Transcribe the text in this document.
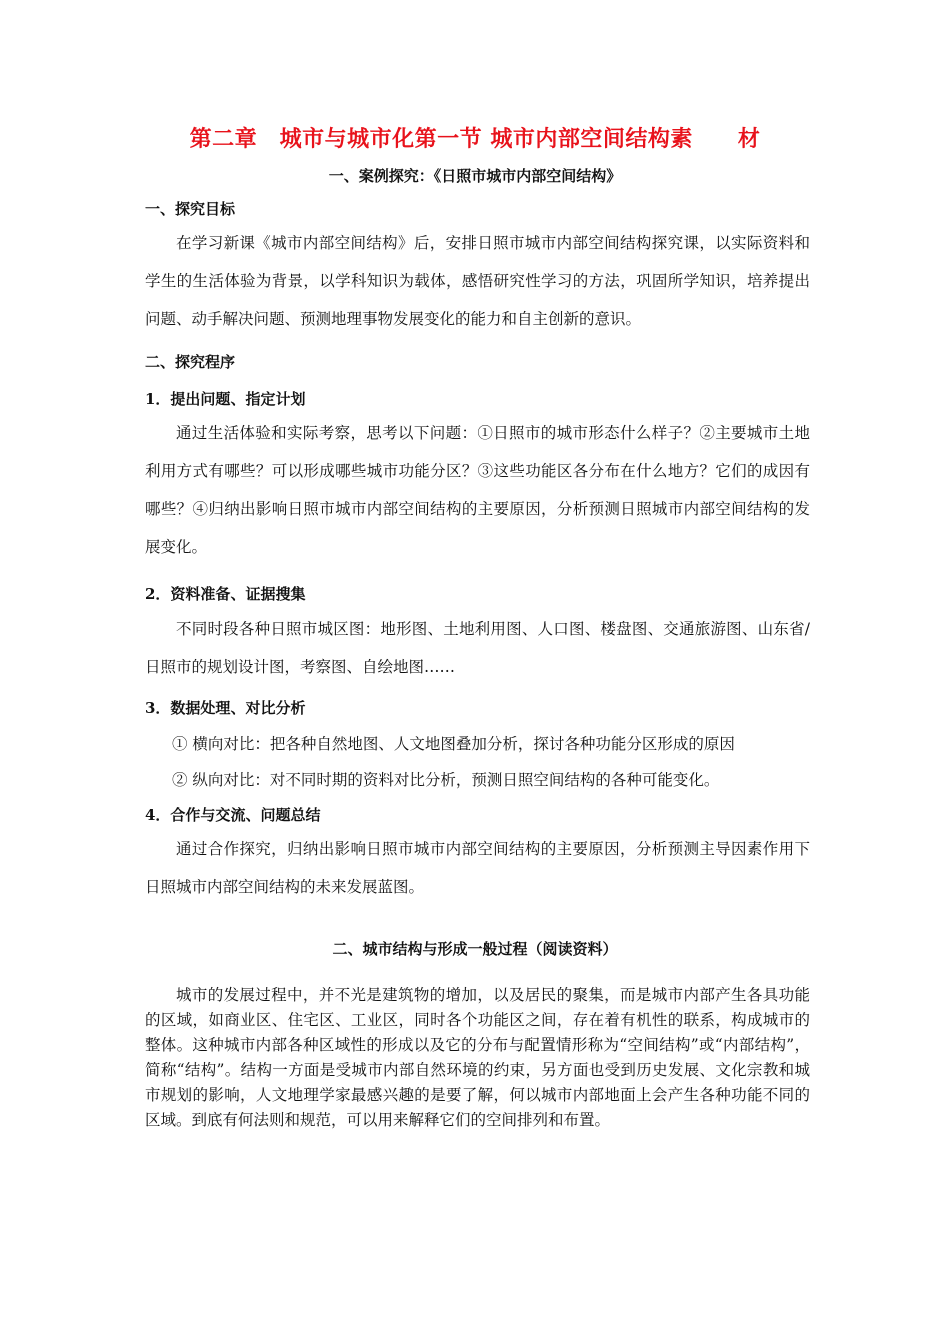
第二章　城市与城市化第一节 城市内部空间结构素　　材
一、案例探究：《日照市城市内部空间结构》
一、探究目标

在学习新课《城市内部空间结构》后，安排日照市城市内部空间结构探究课，以实际资料和学生的生活体验为背景，以学科知识为载体，感悟研究性学习的方法，巩固所学知识，培养提出问题、动手解决问题、预测地理事物发展变化的能力和自主创新的意识。

二、探究程序
1．提出问题、指定计划

通过生活体验和实际考察，思考以下问题：①日照市的城市形态什么样子？②主要城市土地利用方式有哪些？可以形成哪些城市功能分区？③这些功能区各分布在什么地方？它们的成因有哪些？④归纳出影响日照市城市内部空间结构的主要原因，分析预测日照城市内部空间结构的发展变化。

2．资料准备、证据搜集

不同时段各种日照市城区图：地形图、土地利用图、人口图、楼盘图、交通旅游图、山东省/日照市的规划设计图，考察图、自绘地图……

3．数据处理、对比分析
① 横向对比：把各种自然地图、人文地图叠加分析，探讨各种功能分区形成的原因
② 纵向对比：对不同时期的资料对比分析，预测日照空间结构的各种可能变化。
4．合作与交流、问题总结

通过合作探究，归纳出影响日照市城市内部空间结构的主要原因，分析预测主导因素作用下日照城市内部空间结构的未来发展蓝图。

二、城市结构与形成一般过程（阅读资料）

城市的发展过程中，并不光是建筑物的增加，以及居民的聚集，而是城市内部产生各具功能的区域，如商业区、住宅区、工业区，同时各个功能区之间，存在着有机性的联系，构成城市的整体。这种城市内部各种区域性的形成以及它的分布与配置情形称为“空间结构”或“内部结构”，简称“结构”。结构一方面是受城市内部自然环境的约束，另方面也受到历史发展、文化宗教和城市规划的影响，人文地理学家最感兴趣的是要了解，何以城市内部地面上会产生各种功能不同的区域。到底有何法则和规范，可以用来解释它们的空间排列和布置。
